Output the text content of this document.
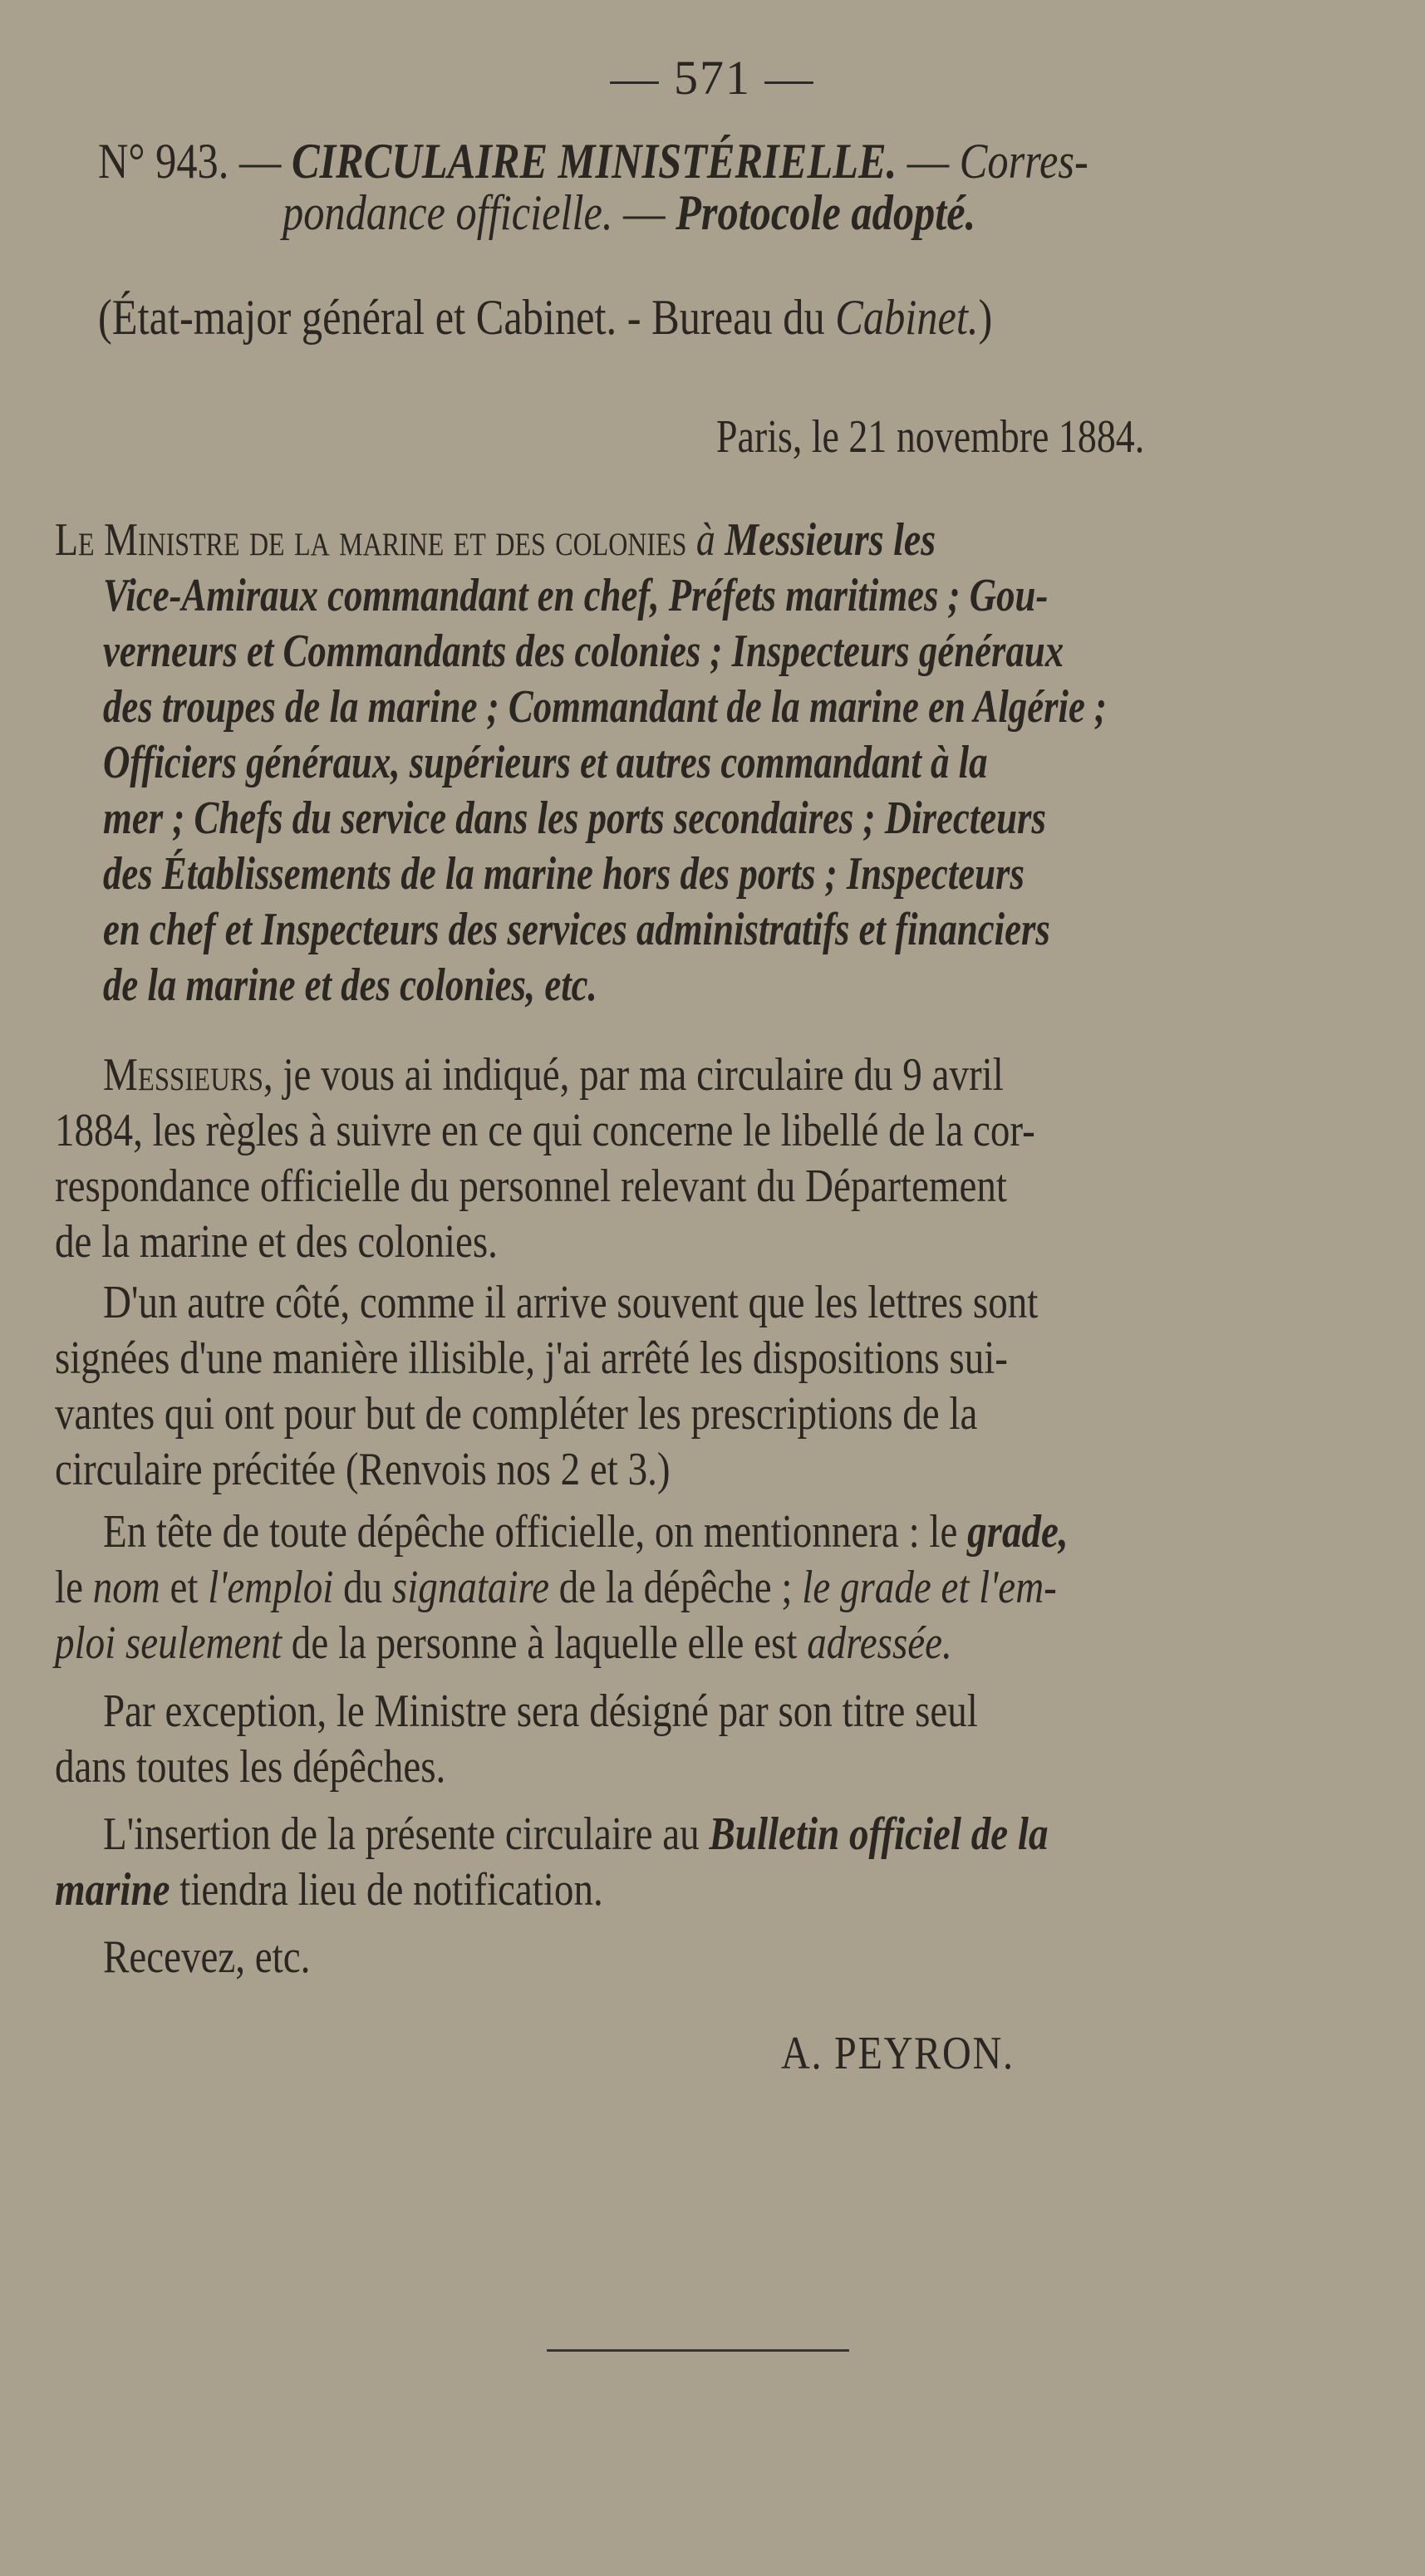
— 571 —
N° 943. — CIRCULAIRE MINISTÉRIELLE. — Corres-
pondance officielle. — Protocole adopté.
(État-major général et Cabinet. - Bureau du Cabinet.)
Paris, le 21 novembre 1884.
Le Ministre de la marine et des colonies à Messieurs les
Vice-Amiraux commandant en chef, Préfets maritimes ; Gou-
verneurs et Commandants des colonies ; Inspecteurs généraux
des troupes de la marine ; Commandant de la marine en Algérie ;
Officiers généraux, supérieurs et autres commandant à la
mer ; Chefs du service dans les ports secondaires ; Directeurs
des Établissements de la marine hors des ports ; Inspecteurs
en chef et Inspecteurs des services administratifs et financiers
de la marine et des colonies, etc.
Messieurs, je vous ai indiqué, par ma circulaire du 9 avril
1884, les règles à suivre en ce qui concerne le libellé de la cor-
respondance officielle du personnel relevant du Département
de la marine et des colonies.
D'un autre côté, comme il arrive souvent que les lettres sont
signées d'une manière illisible, j'ai arrêté les dispositions sui-
vantes qui ont pour but de compléter les prescriptions de la
circulaire précitée (Renvois nos 2 et 3.)
En tête de toute dépêche officielle, on mentionnera : le grade,
le nom et l'emploi du signataire de la dépêche ; le grade et l'em-
ploi seulement de la personne à laquelle elle est adressée.
Par exception, le Ministre sera désigné par son titre seul
dans toutes les dépêches.
L'insertion de la présente circulaire au Bulletin officiel de la
marine tiendra lieu de notification.
Recevez, etc.
A. PEYRON.
